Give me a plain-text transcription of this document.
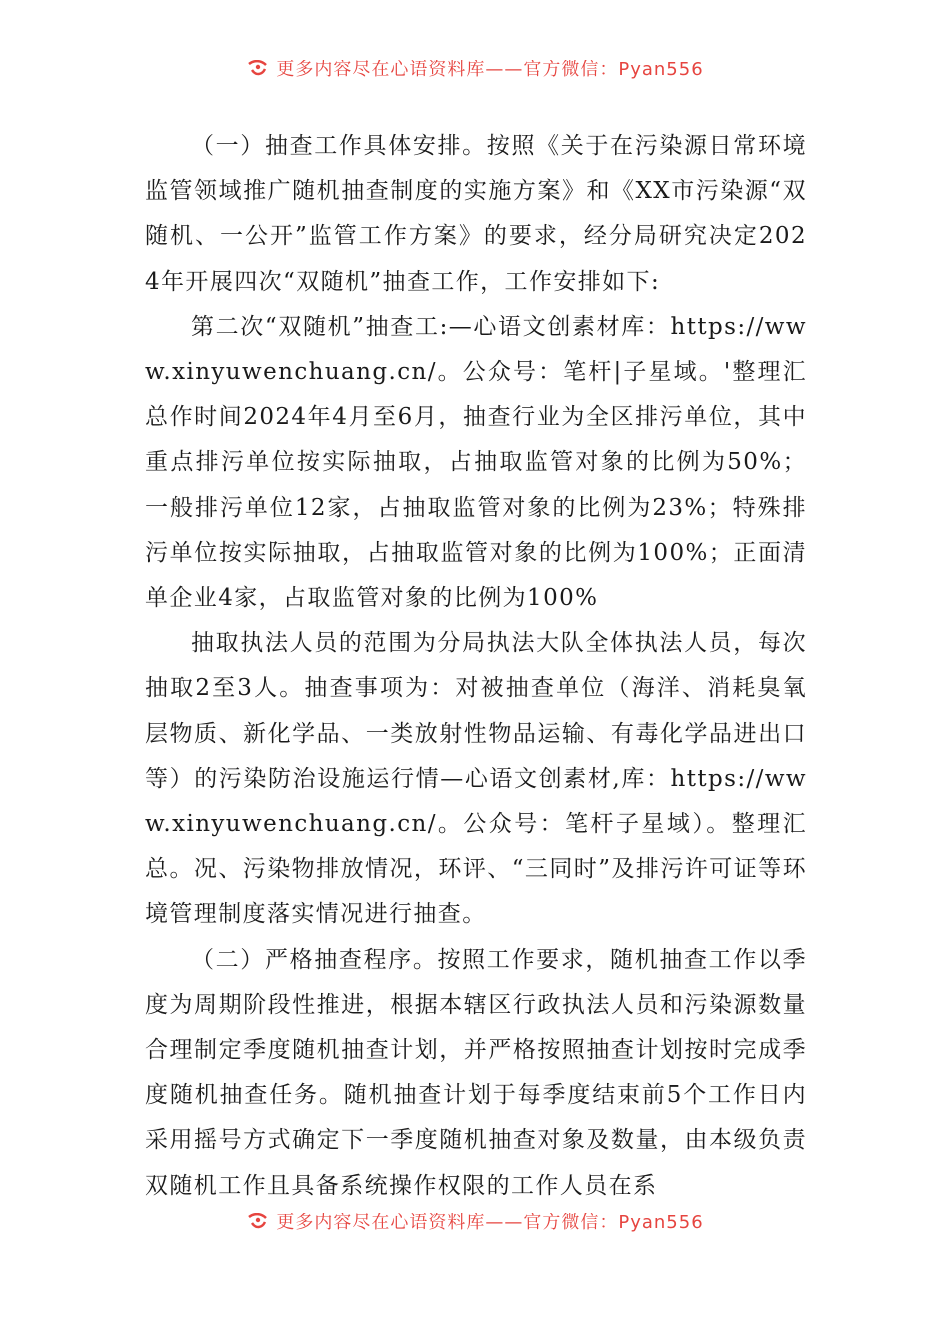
更多内容尽在心语资料库——官方微信：Pyan556

（一）抽查工作具体安排。按照《关于在污染源日常环境监管领域推广随机抽查制度的实施方案》和《XX市污染源“双随机、一公开”监管工作方案》的要求，经分局研究决定2024年开展四次“双随机”抽查工作，工作安排如下:

第二次“双随机”抽查工:—心语文创素材库：https://www.xinyuwenchuang.cn/。公众号：笔杆|子星域。'整理汇总作时间2024年4月至6月，抽查行业为全区排污单位，其中重点排污单位按实际抽取，占抽取监管对象的比例为50%；一般排污单位12家，占抽取监管对象的比例为23%；特殊排污单位按实际抽取，占抽取监管对象的比例为100%；正面清单企业4家，占取监管对象的比例为100%

抽取执法人员的范围为分局执法大队全体执法人员，每次抽取2至3人。抽查事项为：对被抽查单位（海洋、消耗臭氧层物质、新化学品、一类放射性物品运输、有毒化学品进出口等）的污染防治设施运行情—心语文创素材,库：https://www.xinyuwenchuang.cn/。公众号：笔杆子星域）。整理汇总。况、污染物排放情况，环评、“三同时”及排污许可证等环境管理制度落实情况进行抽查。

（二）严格抽查程序。按照工作要求，随机抽查工作以季度为周期阶段性推进，根据本辖区行政执法人员和污染源数量合理制定季度随机抽查计划，并严格按照抽查计划按时完成季度随机抽查任务。随机抽查计划于每季度结束前5个工作日内采用摇号方式确定下一季度随机抽查对象及数量，由本级负责双随机工作且具备系统操作权限的工作人员在系

更多内容尽在心语资料库——官方微信：Pyan556
